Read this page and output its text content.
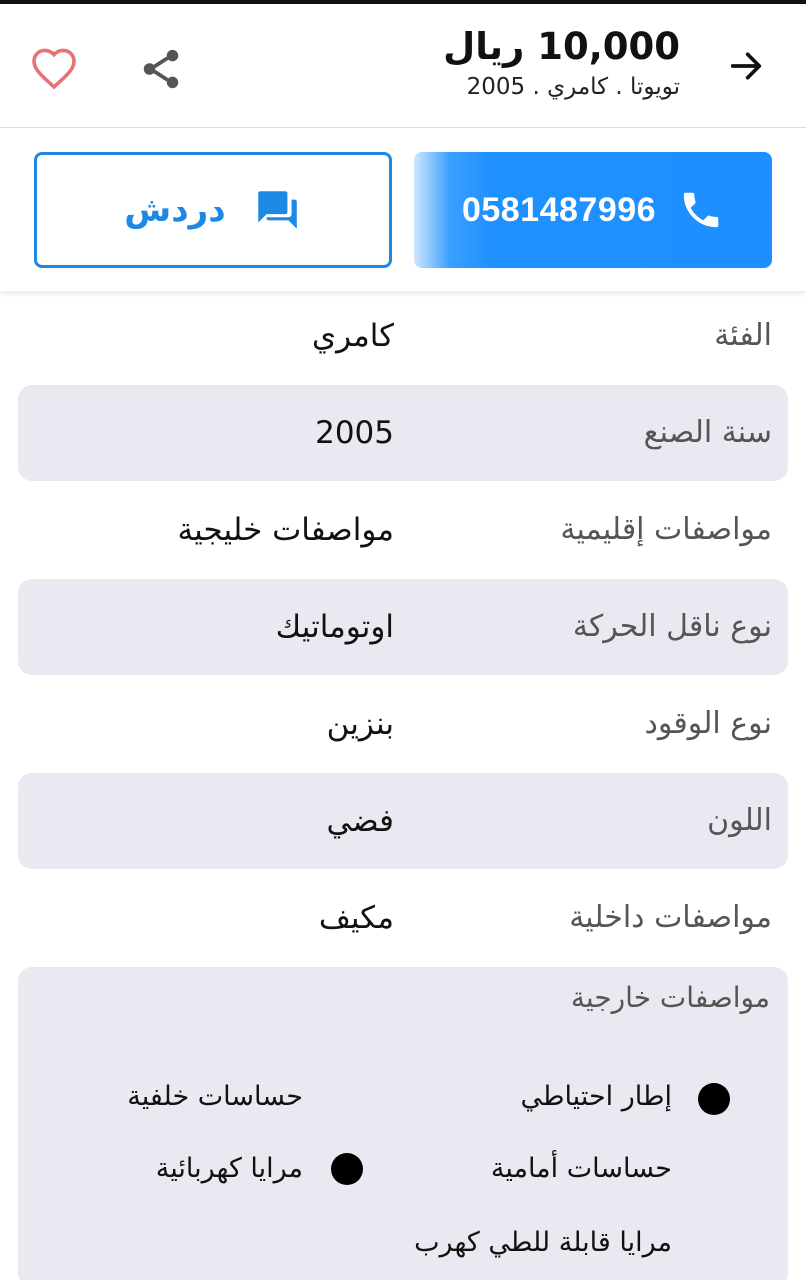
10,000 ريال
تويوتا . كامري . 2005
0581487996
دردش
الفئة
كامري
سنة الصنع
2005
مواصفات إقليمية
مواصفات خليجية
نوع ناقل الحركة
اوتوماتيك
نوع الوقود
بنزين
اللون
فضي
مواصفات داخلية
مكيف
مواصفات خارجية
إطار احتياطي
حساسات خلفية
حساسات أمامية
مرايا كهربائية
مرايا قابلة للطي كهرب
